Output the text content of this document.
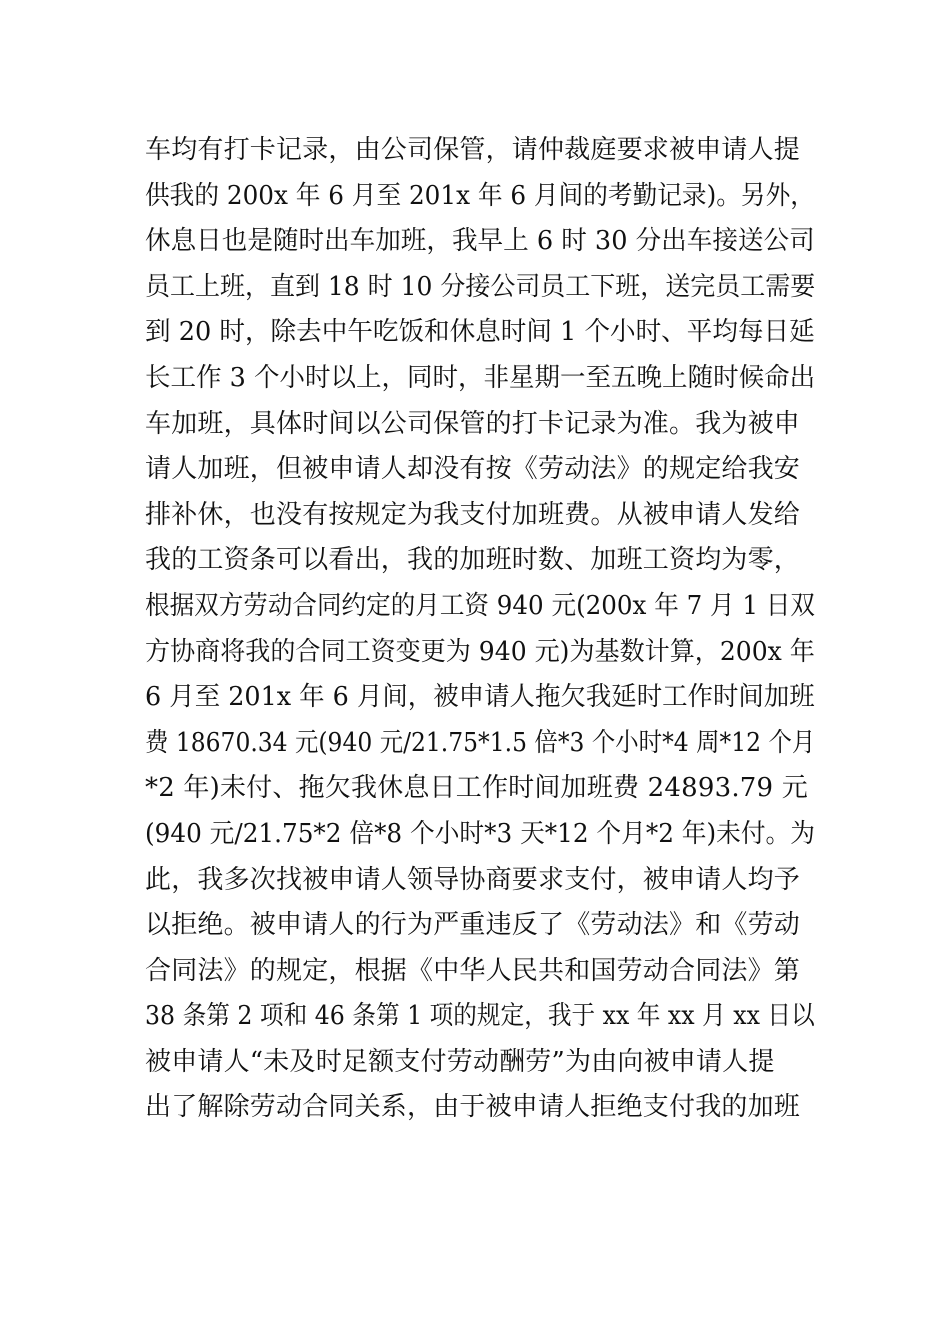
车均有打卡记录，由公司保管，请仲裁庭要求被申请人提
供我的 200x 年 6 月至 201x 年 6 月间的考勤记录)。另外，
休息日也是随时出车加班，我早上 6 时 30 分出车接送公司
员工上班，直到 18 时 10 分接公司员工下班，送完员工需要
到 20 时，除去中午吃饭和休息时间 1 个小时、平均每日延
长工作 3 个小时以上，同时，非星期一至五晚上随时候命出
车加班，具体时间以公司保管的打卡记录为准。我为被申
请人加班，但被申请人却没有按《劳动法》的规定给我安
排补休，也没有按规定为我支付加班费。从被申请人发给
我的工资条可以看出，我的加班时数、加班工资均为零，
根据双方劳动合同约定的月工资 940 元(200x 年 7 月 1 日双
方协商将我的合同工资变更为 940 元)为基数计算，200x 年
6 月至 201x 年 6 月间，被申请人拖欠我延时工作时间加班
费 18670.34 元(940 元/21.75*1.5 倍*3 个小时*4 周*12 个月
*2 年)未付、拖欠我休息日工作时间加班费 24893.79 元
(940 元/21.75*2 倍*8 个小时*3 天*12 个月*2 年)未付。为
此，我多次找被申请人领导协商要求支付，被申请人均予
以拒绝。被申请人的行为严重违反了《劳动法》和《劳动
合同法》的规定，根据《中华人民共和国劳动合同法》第
38 条第 2 项和 46 条第 1 项的规定，我于 xx 年 xx 月 xx 日以
被申请人“未及时足额支付劳动酬劳”为由向被申请人提
出了解除劳动合同关系，由于被申请人拒绝支付我的加班
